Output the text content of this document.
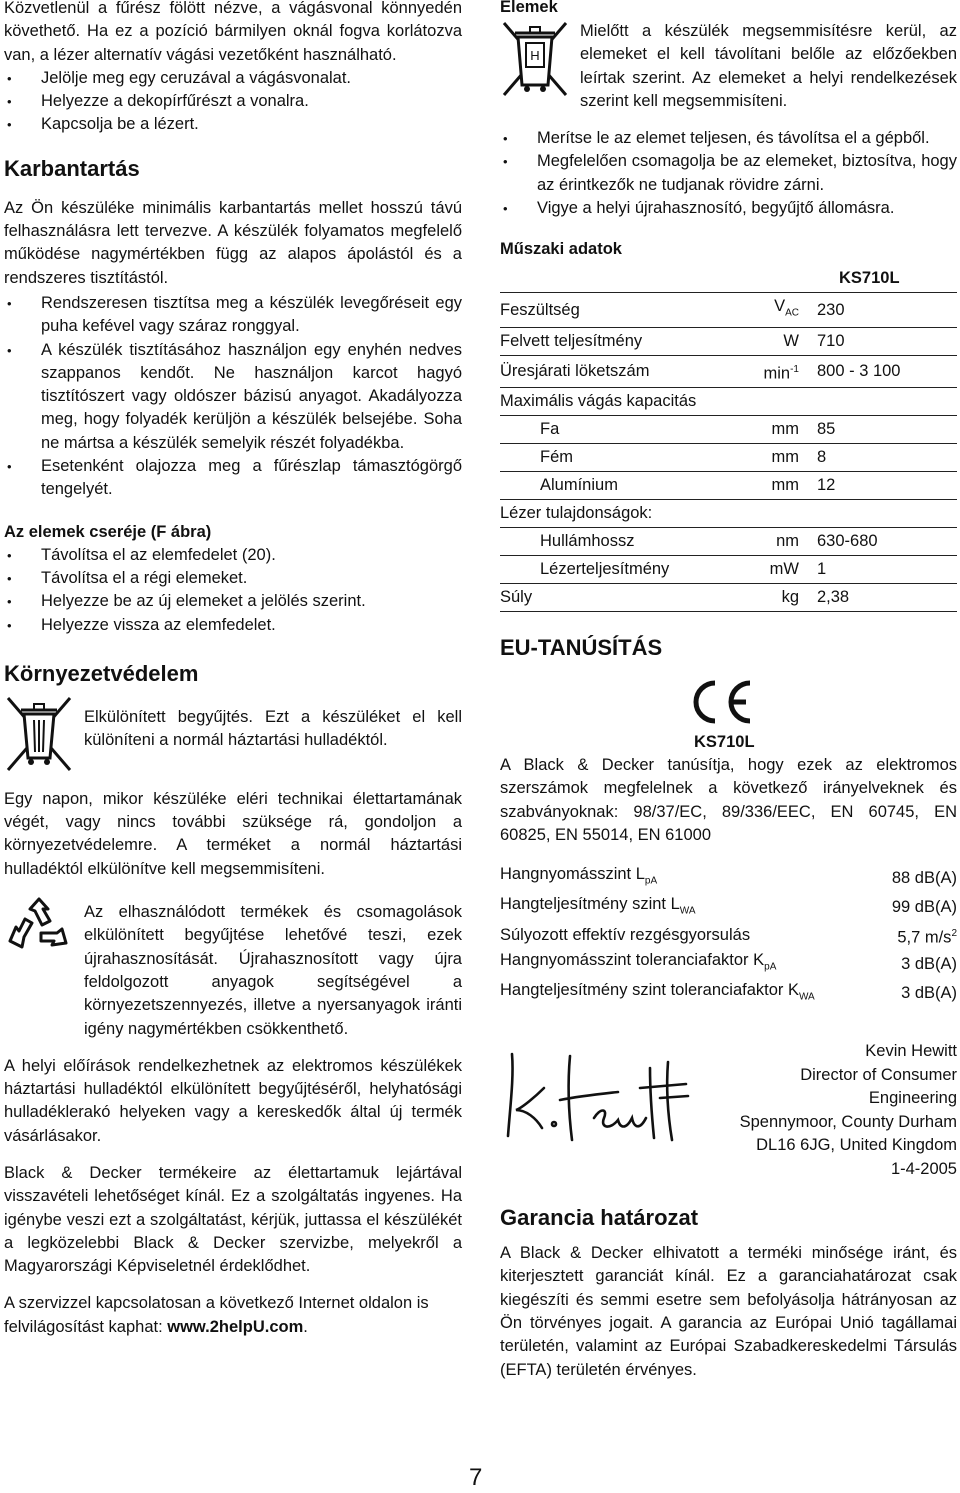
Közvetlenül a fűrész fölött nézve, a vágásvonal könnyedén követhető. Ha ez a pozíció bármilyen oknál fogva korlátozva van, a lézer alternatív vágási vezetőként használható.

• Jelölje meg egy ceruzával a vágásvonalat.
• Helyezze a dekopírfűrészt a vonalra.
• Kapcsolja be a lézert.
Karbantartás

Az Ön készüléke minimális karbantartás mellet hosszú távú felhasználásra lett tervezve. A készülék folyamatos megfelelő működése nagymértékben függ az alapos ápolástól és a rendszeres tisztítástól.

• Rendszeresen tisztítsa meg a készülék levegőréseit egy puha kefével vagy száraz ronggyal.
• A készülék tisztításához használjon egy enyhén nedves szappanos kendőt. Ne használjon karcot hagyó tisztítószert vagy oldószer bázisú anyagot. Akadályozza meg, hogy folyadék kerüljön a készülék belsejébe. Soha ne mártsa a készülék semelyik részét folyadékba.
• Esetenként olajozza meg a fűrészlap támasztógörgő tengelyét.
Az elemek cseréje (F ábra)
• Távolítsa el az elemfedelet (20).
• Távolítsa el a régi elemeket.
• Helyezze be az új elemeket a jelölés szerint.
• Helyezze vissza az elemfedelet.
Környezetvédelem

Elkülönített begyűjtés. Ezt a készüléket el kell különíteni a normál háztartási hulladéktól.

Egy napon, mikor készüléke eléri technikai élettartamának végét, vagy nincs további szüksége rá, gondoljon a környezetvédelemre. A terméket a normál háztartási hulladéktól elkülönítve kell megsemmisíteni.

Az elhasználódott termékek és csomagolások elkülönített begyűjtése lehetővé teszi, ezek újrahasznosítását. Újrahasznosított vagy újra feldolgozott anyagok segítségével a környezetszennyezés, illetve a nyersanyagok iránti igény nagymértékben csökkenthető.

A helyi előírások rendelkezhetnek az elektromos készülékek háztartási hulladéktól elkülönített begyűjtéséről, helyhatósági hulladéklerakó helyeken vagy a kereskedők által új termék vásárlásakor.

Black & Decker termékeire az élettartamuk lejártával visszavételi lehetőséget kínál. Ez a szolgáltatás ingyenes. Ha igénybe veszi ezt a szolgáltatást, kérjük, juttassa el készülékét a legközelebbi Black & Decker szervizbe, melyekről a Magyarországi Képviseletnél érdeklődhet.

A szervizzel kapcsolatosan a következő Internet oldalon is felvilágosítást kaphat: www.2helpU.com.

Elemek
H

Mielőtt a készülék megsemmisítésre kerül, az elemeket el kell távolítani belőle az előzőekben leírtak szerint. Az elemeket a helyi rendelkezések szerint kell megsemmisíteni.

• Merítse le az elemet teljesen, és távolítsa el a gépből.
• Megfelelően csomagolja be az elemeket, biztosítva, hogy az érintkezők ne tudjanak rövidre zárni.
• Vigye a helyi újrahasznosító, begyűjtő állomásra.
Műszaki adatok
		KS710L
Feszültség	$V_{AC}$	230
Felvett teljesítmény	W	710
Üresjárati löketszám	$\min^{-1}$	800 - 3 100
Maximális vágás kapacitás		
Fa	mm	85
Fém	mm	8
Alumínium	mm	12
Lézer tulajdonságok:		
Hullámhossz	nm	630-680
Lézerteljesítmény	mW	1
Súly	kg	2,38
EU-TANÚSÍTÁS
KS710L

A Black & Decker tanúsítja, hogy ezek az elektromos szerszámok megfelelnek a következő irányelveknek és szabványoknak: 98/37/EC, 89/336/EEC, EN 60745, EN 60825, EN 55014, EN 61000

Hangnyomásszint $L_{pA}$	88 dB(A)
Hangteljesítmény szint $L_{WA}$	99 dB(A)
Súlyozott effektív rezgésgyorsulás	5,7 $m/s^2$
Hangnyomásszint toleranciafaktor $K_{pA}$	3 dB(A)
Hangteljesítmény szint toleranciafaktor $K_{WA}$	3 dB(A)
Kevin Hewitt
Director of Consumer
Engineering
Spennymoor, County Durham
DL16 6JG, United Kingdom
1-4-2005
Garancia határozat

A Black & Decker elhivatott a terméki minősége iránt, és kiterjesztett garanciát kínál. Ez a garanciahatározat csak kiegészíti és semmi esetre sem befolyásolja hátrányosan az Ön törvényes jogait. A garancia az Európai Unió tagállamai területén, valamint az Európai Szabadkereskedelmi Társulás (EFTA) területén érvényes.

7
